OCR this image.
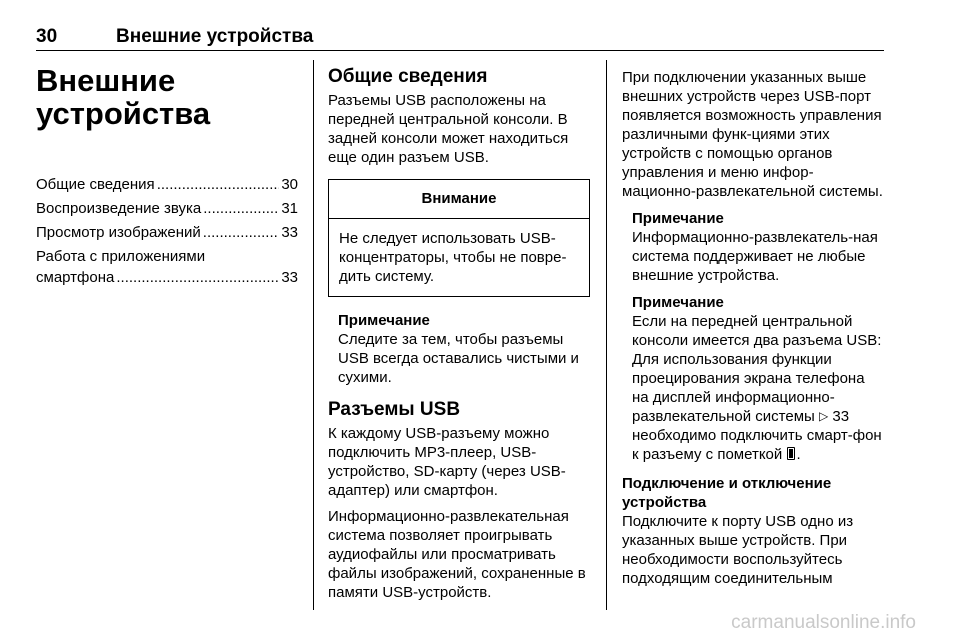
30	Внешние устройства
Внешние
устройства
Общие сведения .....	30
Воспроизведение звука .....	31
Просмотр изображений .....	33
Работа с приложениями
смартфона .....	33
Общие сведения

Разъемы USB расположены на передней центральной консоли. В задней консоли может находиться еще один разъем USB.

Внимание
Не следует использовать USB-концентраторы, чтобы не повре-дить систему.
Примечание
Следите за тем, чтобы разъемы USB всегда оставались чистыми и сухими.
Разъемы USB

К каждому USB-разъему можно подключить MP3-плеер, USB-устройство, SD-карту (через USB-адаптер) или смартфон.

Информационно-развлекательная система позволяет проигрывать аудиофайлы или просматривать файлы изображений, сохраненные в памяти USB-устройств.

При подключении указанных выше внешних устройств через USB-порт появляется возможность управления различными функ-циями этих устройств с помощью органов управления и меню инфор-мационно-развлекательной системы.

Примечание
Информационно-развлекатель-ная система поддерживает не любые внешние устройства.
Примечание
Если на передней центральной консоли имеется два разъема USB: Для использования функции проецирования экрана телефона на дисплей информационно-развлекательной системы ▷ 33 необходимо подключить смарт-фон к разъему с пометкой .
Подключение и отключение устройства

Подключите к порту USB одно из указанных выше устройств. При необходимости воспользуйтесь подходящим соединительным

carmanualsonline.info
